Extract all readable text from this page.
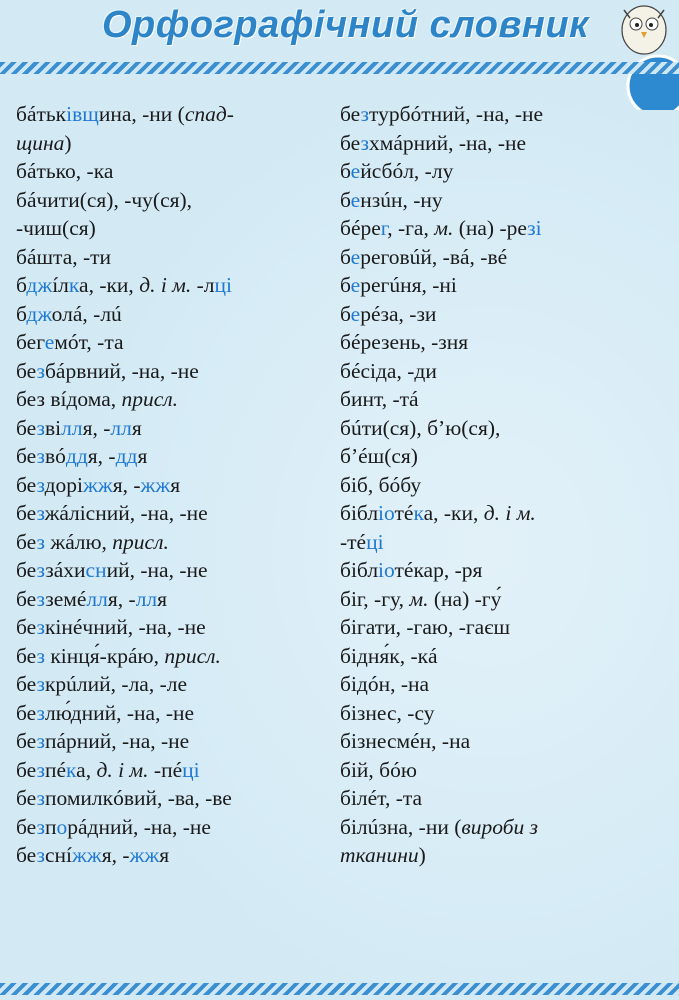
Орфографічний словник

бáтьківщина, -ни (спад-

щина)

бáтько, -ка

бáчити(ся), -чу(ся),

-чиш(ся)

бáшта, -ти

бджíлка, -ки, д. і м. -лці

бджолá, -лú

бегемóт, -та

безбáрвний, -на, -не

без вíдома, присл.

безвілля, -лля

безвóддя, -ддя

бездоріжжя, -жжя

безжáлісний, -на, -не

без жáлю, присл.

беззáхисний, -на, -не

безземéлля, -лля

безкінéчний, -на, -не

без кінця́-крáю, присл.

безкрúлий, -ла, -ле

безлю́дний, -на, -не

безпáрний, -на, -не

безпéка, д. і м. -пéці

безпомилкóвий, -ва, -ве

безпорáдний, -на, -не

безснíжжя, -жжя

безтурбóтний, -на, -не

безхмáрний, -на, -не

бейсбóл, -лу

бензúн, -ну

бéрег, -га, м. (на) -резі

береговúй, -вá, -вé

берегúня, -ні

берéза, -зи

бéрезень, -зня

бéсіда, -ди

бинт, -тá

бúти(ся), б’ю(ся),

б’éш(ся)

біб, бóбу

бібліотéка, -ки, д. і м.

-тéці

бібліотéкар, -ря

біг, -гу, м. (на) -гу́

бігати, -гаю, -гаєш

бідня́к, -кá

бідóн, -на

бізнес, -су

бізнесмéн, -на

бій, бóю

білéт, -та

білúзна, -ни (вироби з

тканини)
